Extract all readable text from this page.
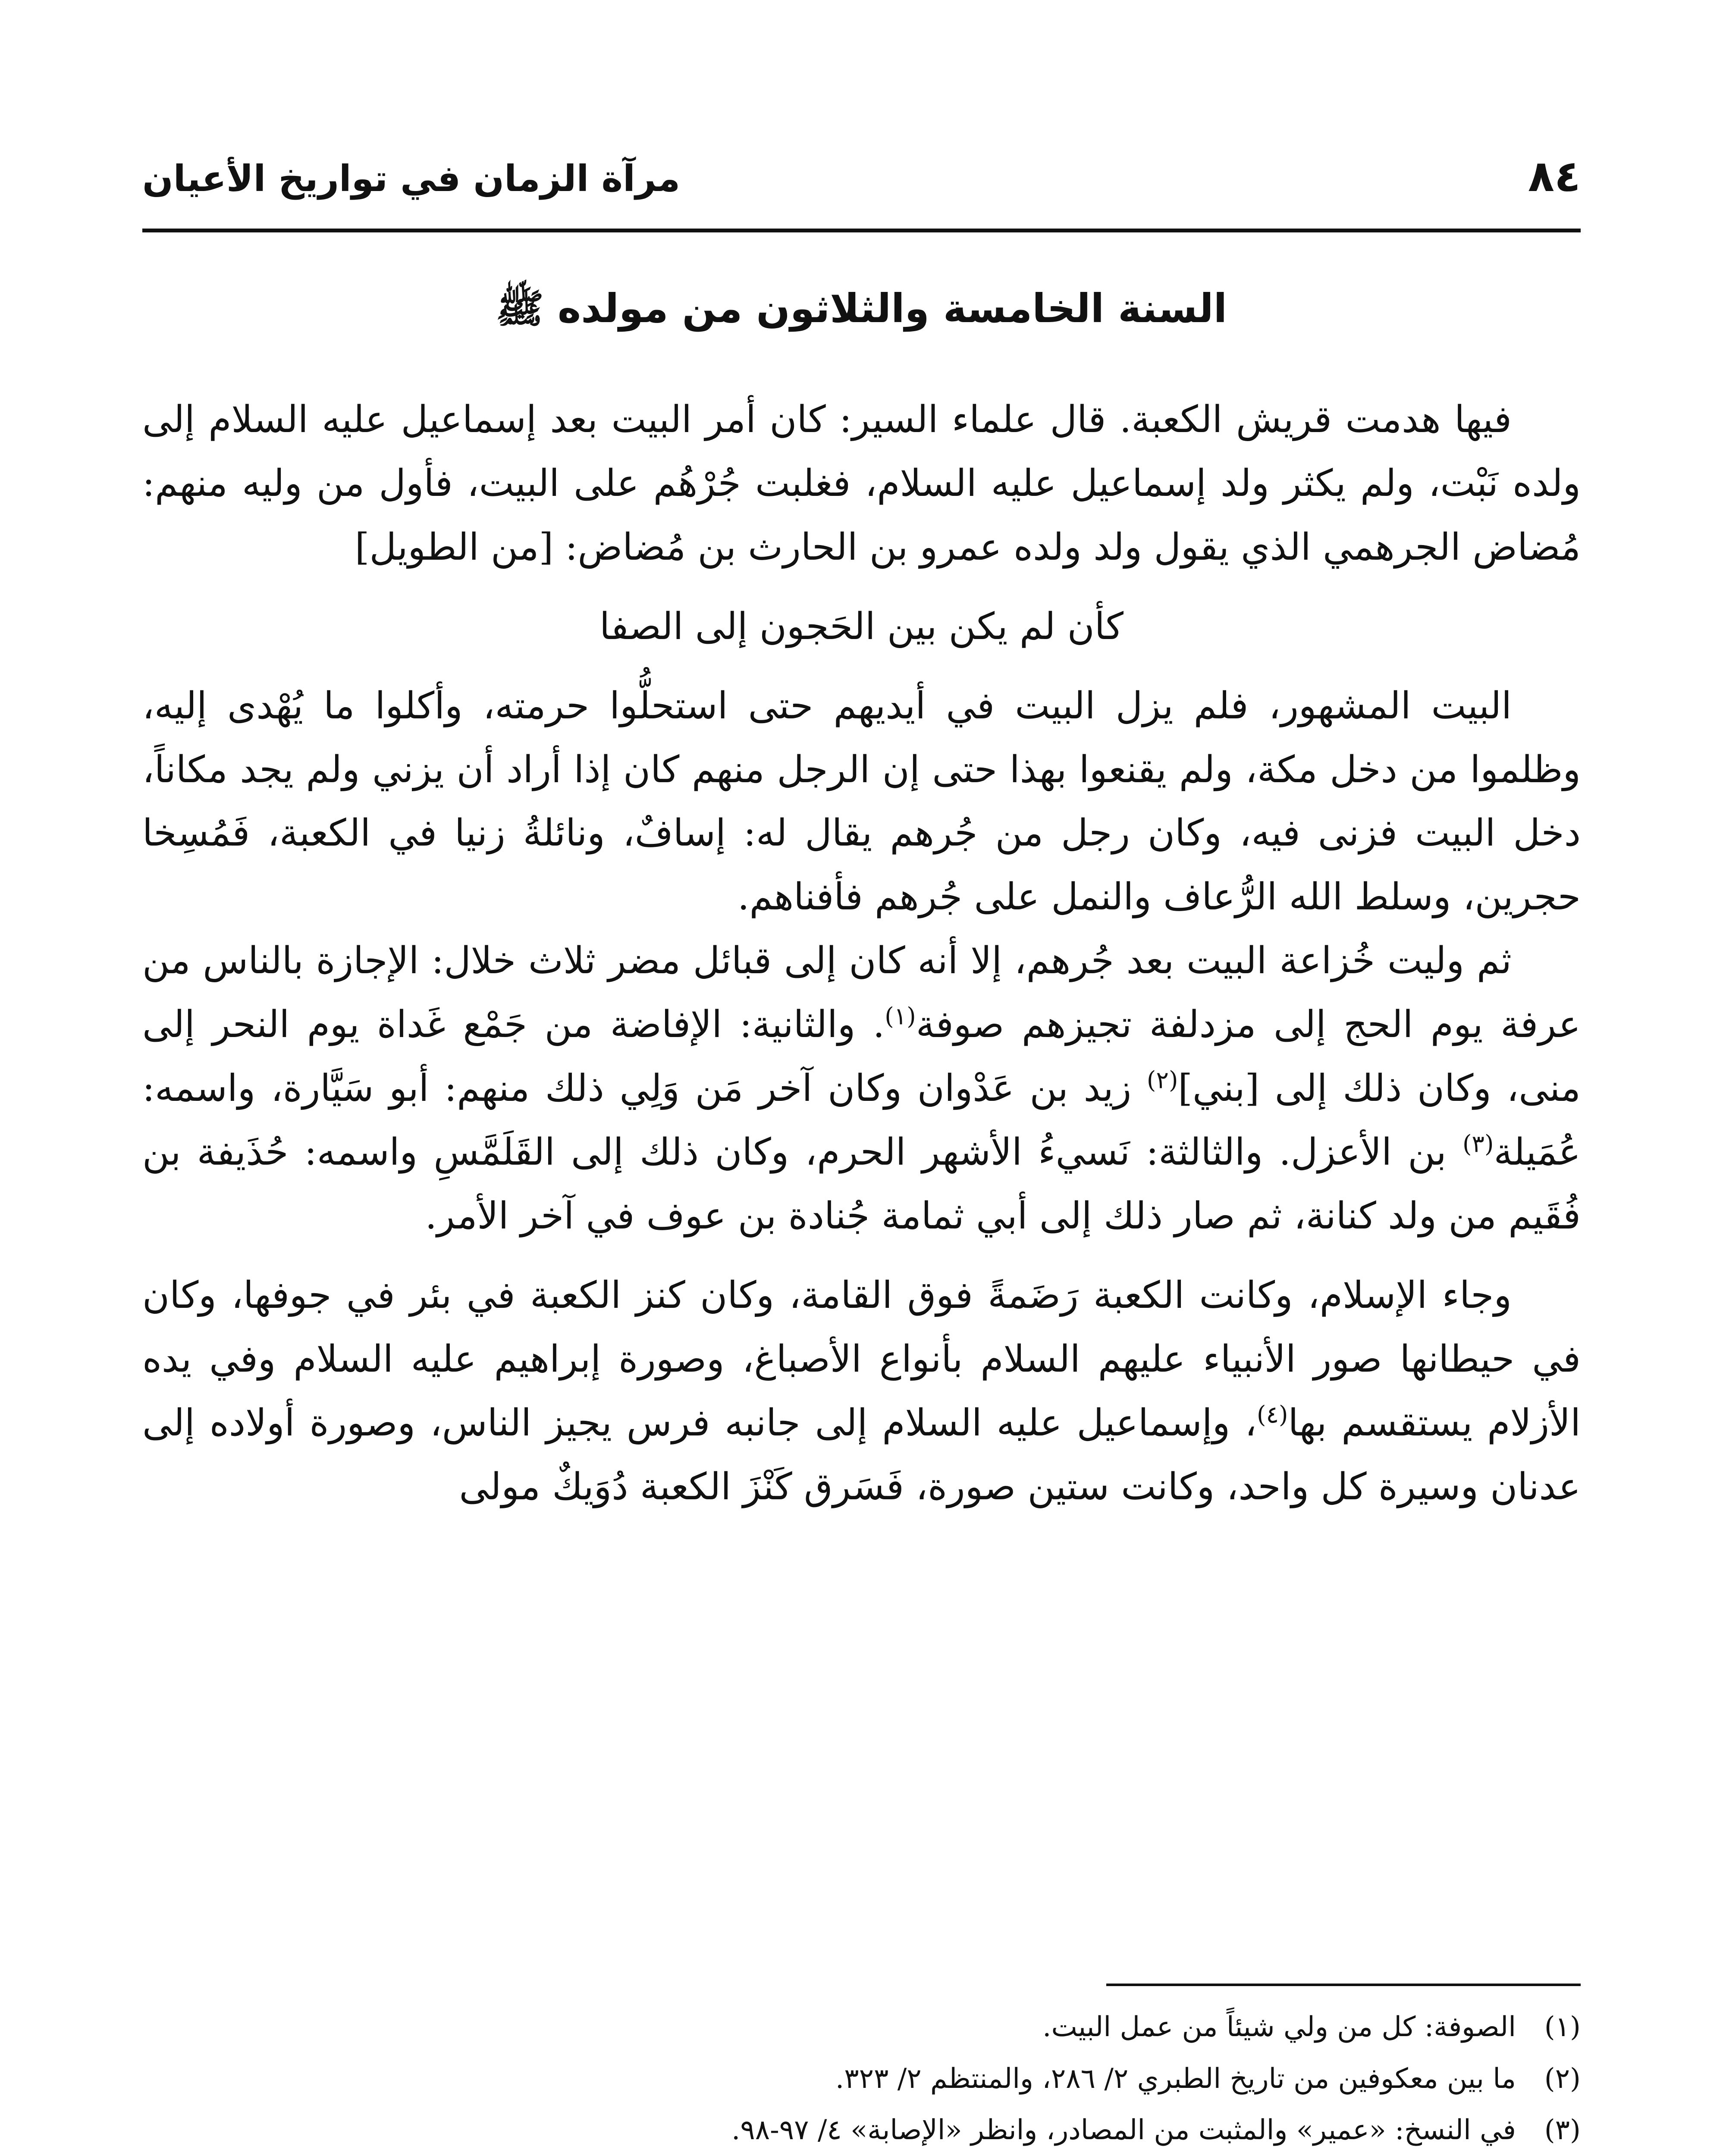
٨٤
مرآة الزمان في تواريخ الأعيان
السنة الخامسة والثلاثون من مولده ﷺ

فيها هدمت قريش الكعبة. قال علماء السير: كان أمر البيت بعد إسماعيل عليه السلام إلى ولده نَبْت، ولم يكثر ولد إسماعيل عليه السلام، فغلبت جُرْهُم على البيت، فأول من وليه منهم: مُضاض الجرهمي الذي يقول ولد ولده عمرو بن الحارث بن مُضاض: [من الطويل]

كأن لم يكن بين الحَجون إلى الصفا

البيت المشهور، فلم يزل البيت في أيديهم حتى استحلُّوا حرمته، وأكلوا ما يُهْدى إليه، وظلموا من دخل مكة، ولم يقنعوا بهذا حتى إن الرجل منهم كان إذا أراد أن يزني ولم يجد مكاناً، دخل البيت فزنى فيه، وكان رجل من جُرهم يقال له: إسافٌ، ونائلةُ زنيا في الكعبة، فَمُسِخا حجرين، وسلط الله الرُّعاف والنمل على جُرهم فأفناهم.

ثم وليت خُزاعة البيت بعد جُرهم، إلا أنه كان إلى قبائل مضر ثلاث خلال: الإجازة بالناس من عرفة يوم الحج إلى مزدلفة تجيزهم صوفة$^{(١)}$. والثانية: الإفاضة من جَمْع غَداة يوم النحر إلى منى، وكان ذلك إلى [بني]$^{(٢)}$ زيد بن عَدْوان وكان آخر مَن وَلِي ذلك منهم: أبو سَيَّارة، واسمه: عُمَيلة$^{(٣)}$ بن الأعزل. والثالثة: نَسيءُ الأشهر الحرم، وكان ذلك إلى القَلَمَّسِ واسمه: حُذَيفة بن فُقَيم من ولد كنانة، ثم صار ذلك إلى أبي ثمامة جُنادة بن عوف في آخر الأمر.

وجاء الإسلام، وكانت الكعبة رَضَمةً فوق القامة، وكان كنز الكعبة في بئر في جوفها، وكان في حيطانها صور الأنبياء عليهم السلام بأنواع الأصباغ، وصورة إبراهيم عليه السلام وفي يده الأزلام يستقسم بها$^{(٤)}$، وإسماعيل عليه السلام إلى جانبه فرس يجيز الناس، وصورة أولاده إلى عدنان وسيرة كل واحد، وكانت ستين صورة، فَسَرق كَنْزَ الكعبة دُوَيكٌ مولى

(١)
الصوفة: كل من ولي شيئاً من عمل البيت.
(٢)
ما بين معكوفين من تاريخ الطبري ٢/ ٢٨٦، والمنتظم ٢/ ٣٢٣.
(٣)
في النسخ: «عمير» والمثبت من المصادر، وانظر «الإصابة» ٤/ ٩٧-٩٨.
